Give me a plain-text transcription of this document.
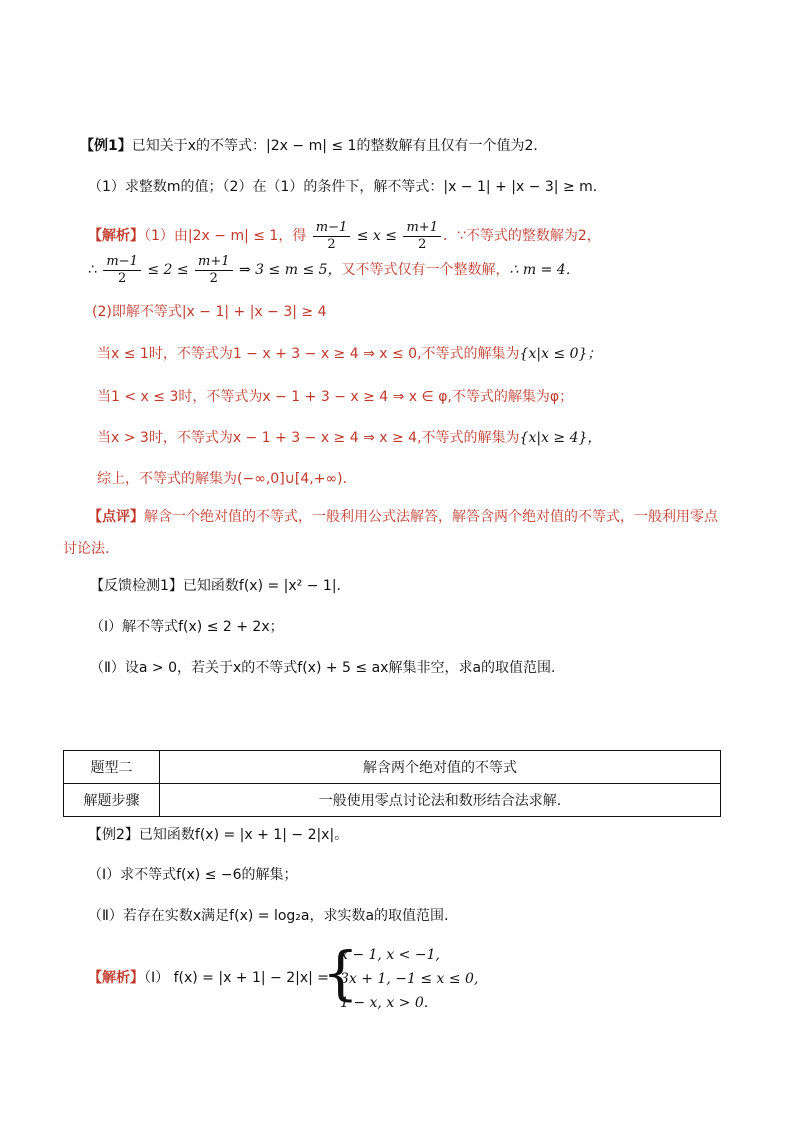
【例1】已知关于x的不等式：|2x − m| ≤ 1的整数解有且仅有一个值为2．
（1）求整数m的值；（2）在（1）的条件下，解不等式：|x − 1| + |x − 3| ≥ m．
【解析】（1）由|2x − m| ≤ 1，得 $\frac{m-1}{2} \le x \le \frac{m+1}{2}$ ．∵不等式的整数解为2，
∴ $\frac{m-1}{2} \le 2 \le \frac{m+1}{2}$ ⇒ 3 ≤ m ≤ 5，又不等式仅有一个整数解，∴ m = 4．
(2)即解不等式|x − 1| + |x − 3| ≥ 4
当x ≤ 1时，不等式为1 − x + 3 − x ≥ 4 ⇒ x ≤ 0,不等式的解集为{x|x ≤ 0}；
当1 < x ≤ 3时，不等式为x − 1 + 3 − x ≥ 4 ⇒ x ∈ φ,不等式的解集为φ；
当x > 3时，不等式为x − 1 + 3 − x ≥ 4 ⇒ x ≥ 4,不等式的解集为{x|x ≥ 4}，
综上，不等式的解集为(−∞,0]∪[4,+∞)．
【点评】解含一个绝对值的不等式，一般利用公式法解答，解答含两个绝对值的不等式，一般利用零点
讨论法.
【反馈检测1】已知函数f(x) = |x² − 1|．
（Ⅰ）解不等式f(x) ≤ 2 + 2x；
（Ⅱ）设a > 0，若关于x的不等式f(x) + 5 ≤ ax解集非空，求a的取值范围.
题型二	解含两个绝对值的不等式
解题步骤	一般使用零点讨论法和数形结合法求解.
【例2】已知函数f(x) = |x + 1| − 2|x|。
（Ⅰ）求不等式f(x) ≤ −6的解集；
（Ⅱ）若存在实数x满足f(x) = log₂a，求实数a的取值范围.
【解析】（Ⅰ） f(x) = |x + 1| − 2|x| =
{
x − 1, x < −1,
3x + 1, −1 ≤ x ≤ 0,
1 − x, x > 0.
